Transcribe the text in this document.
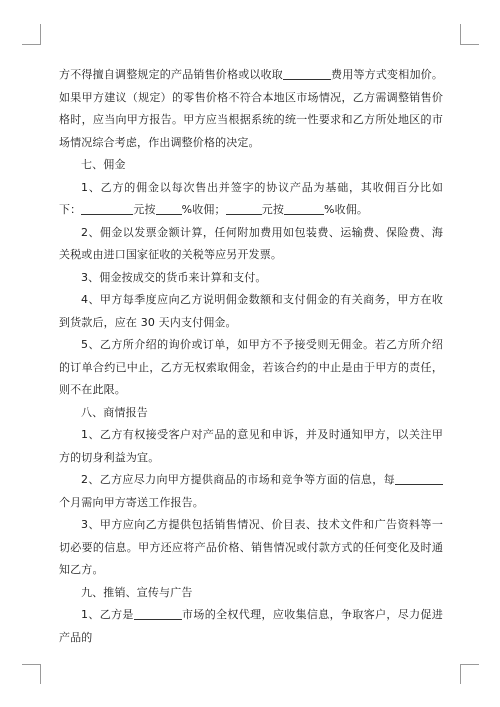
方不得擅自调整规定的产品销售价格或以收取	费用等方式变相加价。如果甲方建议（规定）的零售价格不符合本地区市场情况，乙方需调整销售价格时，应当向甲方报告。甲方应当根据系统的统一性要求和乙方所处地区的市场情况综合考虑，作出调整价格的决定。

七、佣金

1、乙方的佣金以每次售出并签字的协议产品为基础，其收佣百分比如下：	元按 %收佣；	元按	%收佣。

2、佣金以发票金额计算，任何附加费用如包装费、运输费、保险费、海关税或由进口国家征收的关税等应另开发票。

3、佣金按成交的货币来计算和支付。

4、甲方每季度应向乙方说明佣金数额和支付佣金的有关商务，甲方在收到货款后，应在 30 天内支付佣金。

5、乙方所介绍的询价或订单，如甲方不予接受则无佣金。若乙方所介绍的订单合约已中止，乙方无权索取佣金，若该合约的中止是由于甲方的责任，则不在此限。

八、商情报告

1、乙方有权接受客户对产品的意见和申诉，并及时通知甲方，以关注甲方的切身利益为宜。

2、乙方应尽力向甲方提供商品的市场和竞争等方面的信息，每个月需向甲方寄送工作报告。

3、甲方应向乙方提供包括销售情况、价目表、技术文件和广告资料等一切必要的信息。甲方还应将产品价格、销售情况或付款方式的任何变化及时通知乙方。

九、推销、宣传与广告

1、乙方是	市场的全权代理，应收集信息，争取客户，尽力促进产品的
